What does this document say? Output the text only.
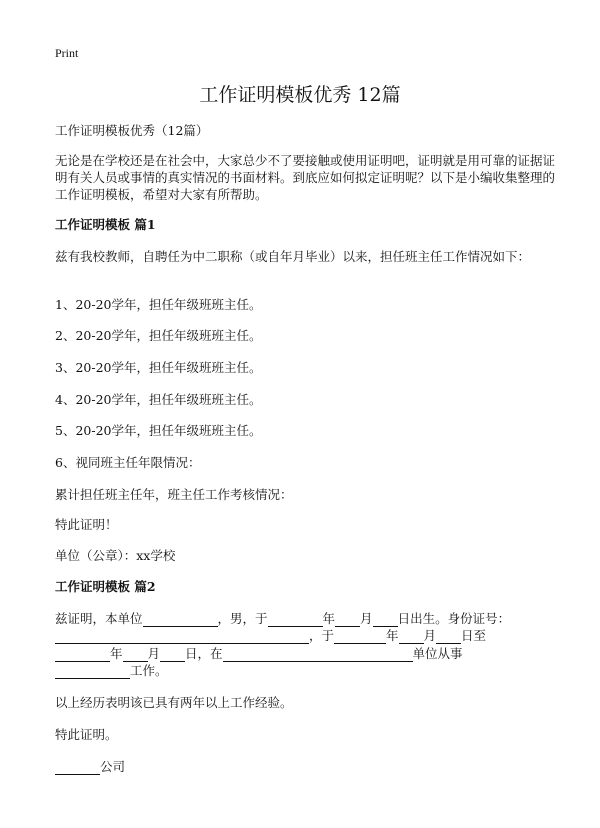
Print
工作证明模板优秀 12篇
工作证明模板优秀（12篇）
无论是在学校还是在社会中，大家总少不了要接触或使用证明吧，证明就是用可靠的证据证明有关人员或事情的真实情况的书面材料。到底应如何拟定证明呢？以下是小编收集整理的工作证明模板，希望对大家有所帮助。
工作证明模板 篇1
兹有我校教师，自聘任为中二职称（或自年月毕业）以来，担任班主任工作情况如下：
1、20-20学年，担任年级班班主任。
2、20-20学年，担任年级班班主任。
3、20-20学年，担任年级班班主任。
4、20-20学年，担任年级班班主任。
5、20-20学年，担任年级班班主任。
6、视同班主任年限情况：
累计担任班主任年，班主任工作考核情况：
特此证明！
单位（公章）：xx学校
工作证明模板 篇2
兹证明，本单位	，男，于	年 月 日出生。身份证号：
，于	年 月 日至
年 月 日，在	单位从事
工作。
以上经历表明该已具有两年以上工作经验。
特此证明。
公司
